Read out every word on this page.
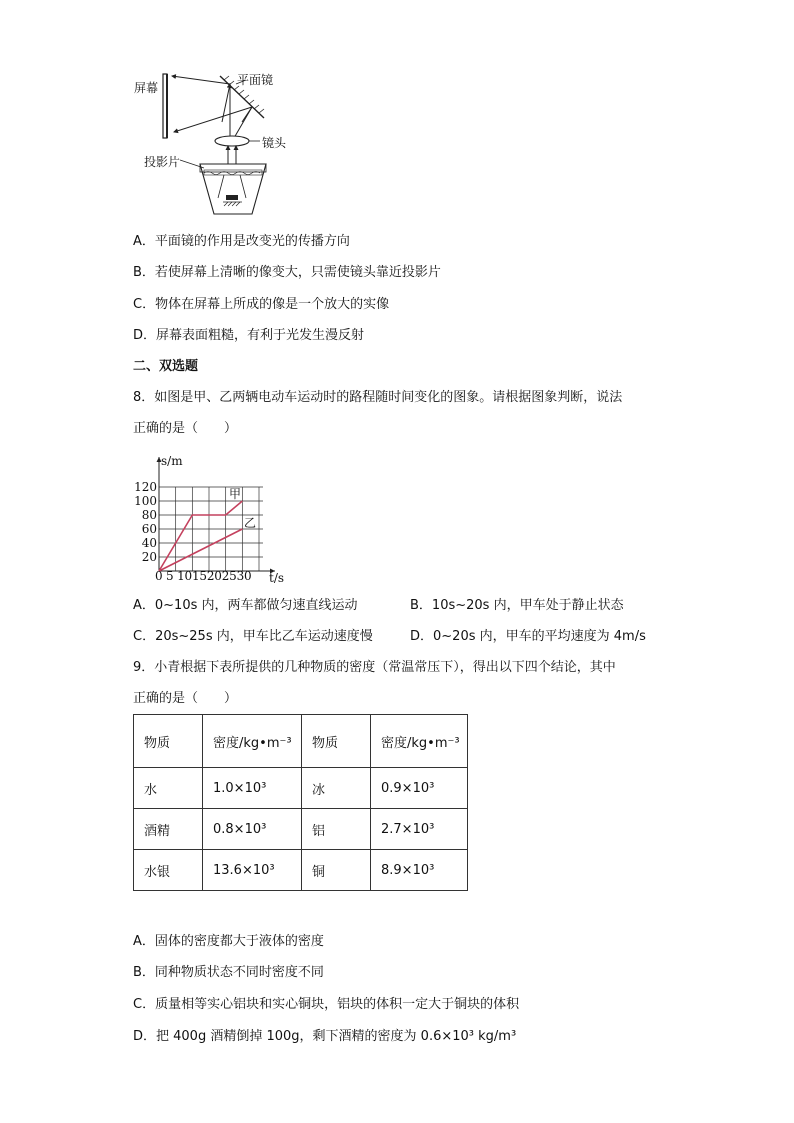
屏幕
平面镜
镜头
投影片
A．平面镜的作用是改变光的传播方向
B．若使屏幕上清晰的像变大，只需使镜头靠近投影片
C．物体在屏幕上所成的像是一个放大的实像
D．屏幕表面粗糙，有利于光发生漫反射
二、双选题
8．如图是甲、乙两辆电动车运动时的路程随时间变化的图象。请根据图象判断，说法
正确的是（　　）
20
40
60
80
100
120
s/m
t/s
0 5 1015202530
甲
乙
A．0~10s 内，两车都做匀速直线运动	B．10s~20s 内，甲车处于静止状态
C．20s~25s 内，甲车比乙车运动速度慢	D．0~20s 内，甲车的平均速度为 4m/s
9．小青根据下表所提供的几种物质的密度（常温常压下），得出以下四个结论，其中
正确的是（　　）
物质	密度/kg•m⁻³	物质	密度/kg•m⁻³
水	1.0×10³	冰	0.9×10³
酒精	0.8×10³	铝	2.7×10³
水银	13.6×10³	铜	8.9×10³
A．固体的密度都大于液体的密度
B．同种物质状态不同时密度不同
C．质量相等实心铝块和实心铜块，铝块的体积一定大于铜块的体积
D．把 400g 酒精倒掉 100g，剩下酒精的密度为 0.6×10³ kg/m³
